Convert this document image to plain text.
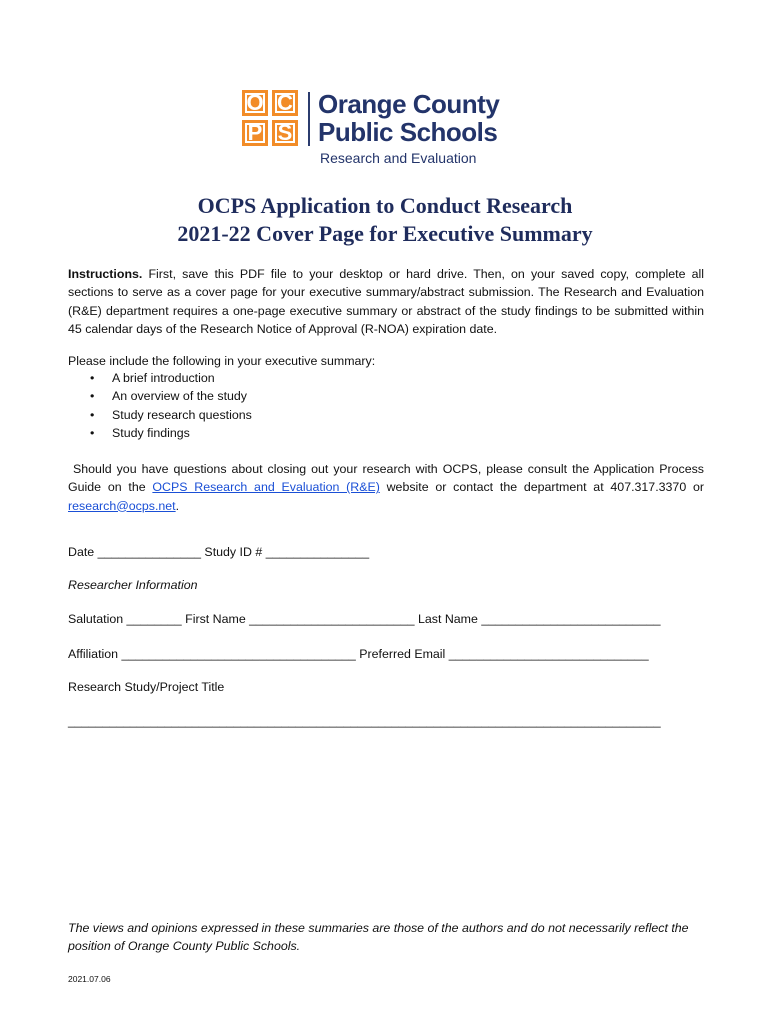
O C
P S
Orange County
Public Schools
Research and Evaluation
OCPS Application to Conduct Research
2021-22 Cover Page for Executive Summary
Instructions. First, save this PDF file to your desktop or hard drive. Then, on your saved copy, complete all sections to serve as a cover page for your executive summary/abstract submission. The Research and Evaluation (R&E) department requires a one-page executive summary or abstract of the study findings to be submitted within 45 calendar days of the Research Notice of Approval (R-NOA) expiration date.
Please include the following in your executive summary:
• A brief introduction
• An overview of the study
• Study research questions
• Study findings
Should you have questions about closing out your research with OCPS, please consult the Application Process Guide on the OCPS Research and Evaluation (R&E) website or contact the department at 407.317.3370 or research@ocps.net.
Date _______________ Study ID # _______________
Researcher Information
Salutation ________ First Name ________________________ Last Name __________________________
Affiliation __________________________________ Preferred Email _____________________________
Research Study/Project Title
______________________________________________________________________________________
The views and opinions expressed in these summaries are those of the authors and do not necessarily reflect the position of Orange County Public Schools.
2021.07.06
